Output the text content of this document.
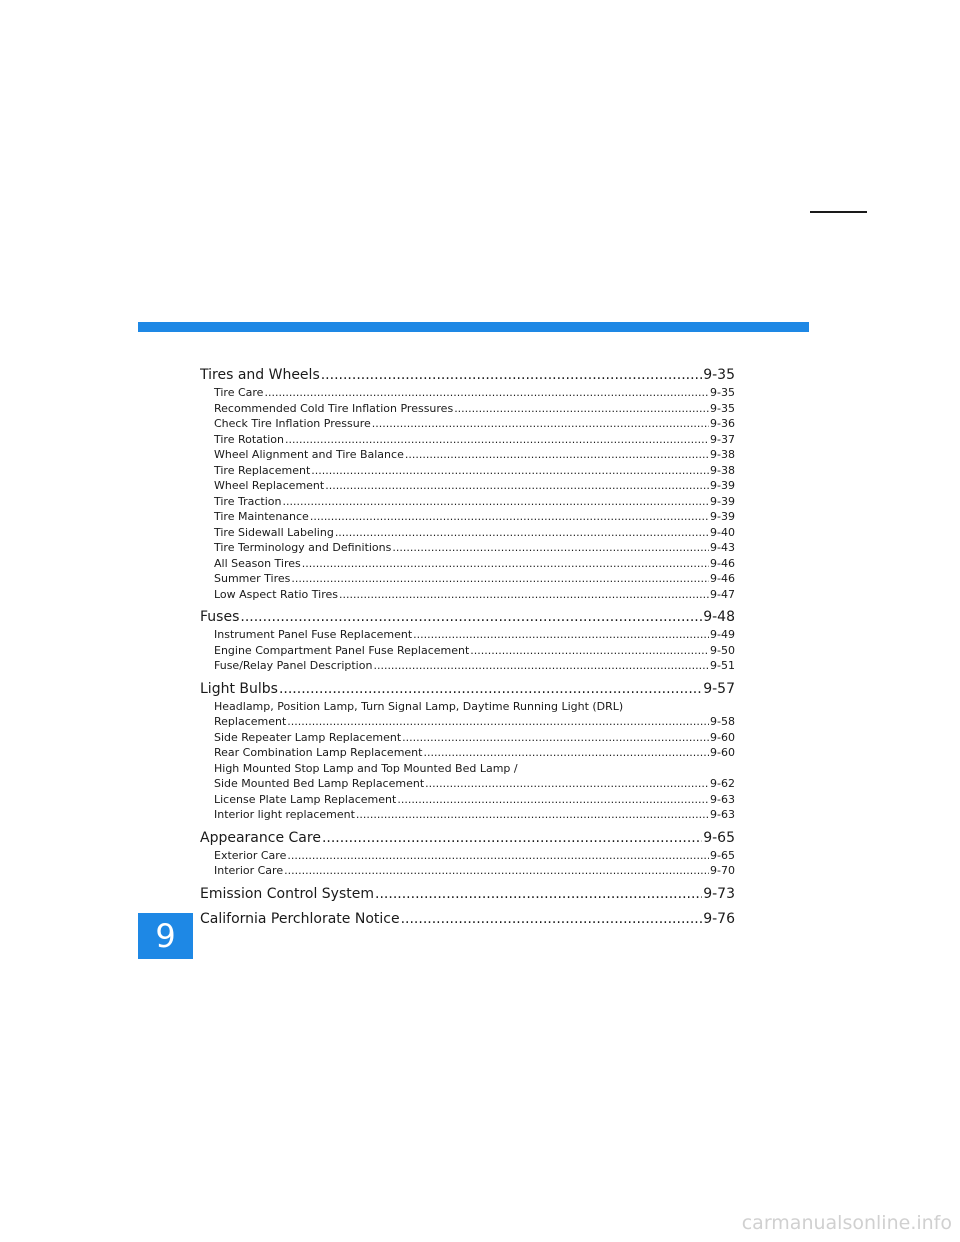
Tires and Wheels .....	9-35
Tire Care .....	9-35
Recommended Cold Tire Inflation Pressures .....	9-35
Check Tire Inflation Pressure .....	9-36
Tire Rotation .....	9-37
Wheel Alignment and Tire Balance .....	9-38
Tire Replacement .....	9-38
Wheel Replacement .....	9-39
Tire Traction .....	9-39
Tire Maintenance .....	9-39
Tire Sidewall Labeling .....	9-40
Tire Terminology and Definitions .....	9-43
All Season Tires .....	9-46
Summer Tires .....	9-46
Low Aspect Ratio Tires .....	9-47
Fuses .....	9-48
Instrument Panel Fuse Replacement .....	9-49
Engine Compartment Panel Fuse Replacement .....	9-50
Fuse/Relay Panel Description .....	9-51
Light Bulbs .....	9-57
Headlamp, Position Lamp, Turn Signal Lamp, Daytime Running Light (DRL)
Replacement .....	9-58
Side Repeater Lamp Replacement .....	9-60
Rear Combination Lamp Replacement .....	9-60
High Mounted Stop Lamp and Top Mounted Bed Lamp /
Side Mounted Bed Lamp Replacement .....	9-62
License Plate Lamp Replacement .....	9-63
Interior light replacement .....	9-63
Appearance Care .....	9-65
Exterior Care .....	9-65
Interior Care .....	9-70
Emission Control System .....	9-73
California Perchlorate Notice .....	9-76
9
carmanualsonline.info
